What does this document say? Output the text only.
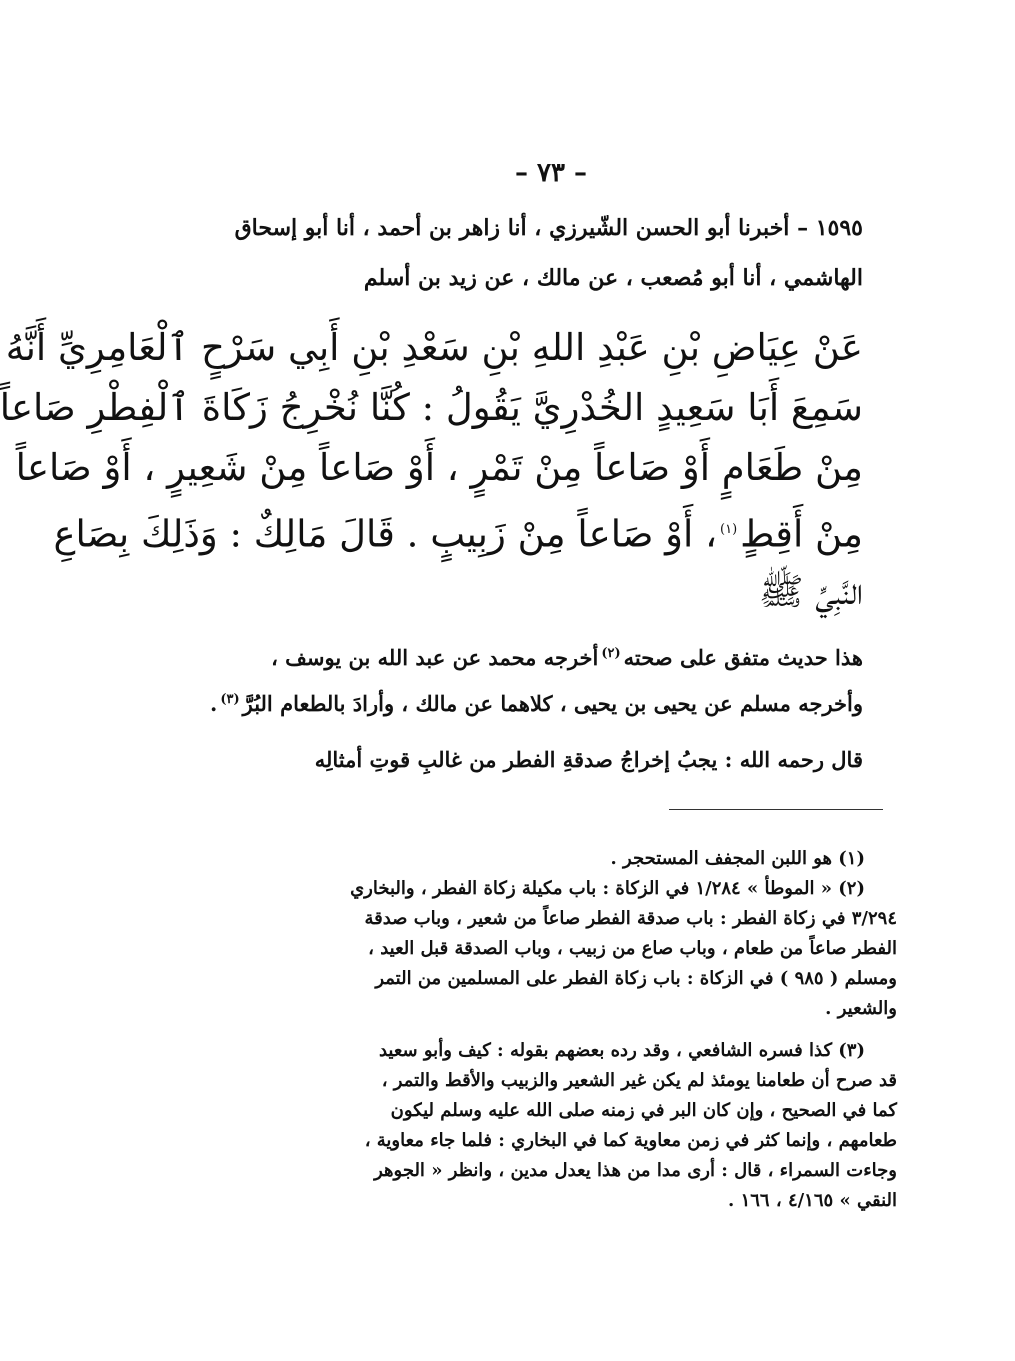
– ٧٣ –
١٥٩٥ – أخبرنا أبو الحسن الشّيرزي ، أنا زاهر بن أحمد ، أنا أبو إسحاق
الهاشمي ، أنا أبو مُصعب ، عن مالك ، عن زيد بن أسلم
عَنْ عِيَاضِ بْنِ عَبْدِ اللهِ بْنِ سَعْدِ بْنِ أَبِي سَرْحٍ ٱلْعَامِرِيِّ أَنَّهُ
سَمِعَ أَبَا سَعِيدٍ الخُدْرِيَّ يَقُولُ : كُنَّا نُخْرِجُ زَكَاةَ ٱلْفِطْرِ صَاعاً
مِنْ طَعَامٍ أَوْ صَاعاً مِنْ تَمْرٍ ، أَوْ صَاعاً مِنْ شَعِيرٍ ، أَوْ صَاعاً
مِنْ أَقِطٍ$^{(١)}$، أَوْ صَاعاً مِنْ زَبِيبٍ . قَالَ مَالِكٌ : وَذَلِكَ بِصَاعِ
النَّبِيِّ ﷺ
هذا حديث متفق على صحته$^{(٢)}$أخرجه محمد عن عبد الله بن يوسف ،
وأخرجه مسلم عن يحيى بن يحيى ، كلاهما عن مالك ، وأرادَ بالطعام البُرَّ$^{(٣)}$.
قال رحمه الله : يجبُ إخراجُ صدقةِ الفطر من غالبِ قوتِ أمثالِه
(١) هو اللبن المجفف المستحجر .
(٢) « الموطأ » ١/٢٨٤ في الزكاة : باب مكيلة زكاة الفطر ، والبخاري
٣/٢٩٤ في زكاة الفطر : باب صدقة الفطر صاعاً من شعير ، وباب صدقة
الفطر صاعاً من طعام ، وباب صاع من زبيب ، وباب الصدقة قبل العيد ،
ومسلم ( ٩٨٥ ) في الزكاة : باب زكاة الفطر على المسلمين من التمر
والشعير .
(٣) كذا فسره الشافعي ، وقد رده بعضهم بقوله : كيف وأبو سعيد
قد صرح أن طعامنا يومئذ لم يكن غير الشعير والزبيب والأقط والتمر ،
كما في الصحيح ، وإن كان البر في زمنه صلى الله عليه وسلم ليكون
طعامهم ، وإنما كثر في زمن معاوية كما في البخاري : فلما جاء معاوية ،
وجاءت السمراء ، قال : أرى مدا من هذا يعدل مدين ، وانظر « الجوهر
النقي » ٤/١٦٥ ، ١٦٦ .
